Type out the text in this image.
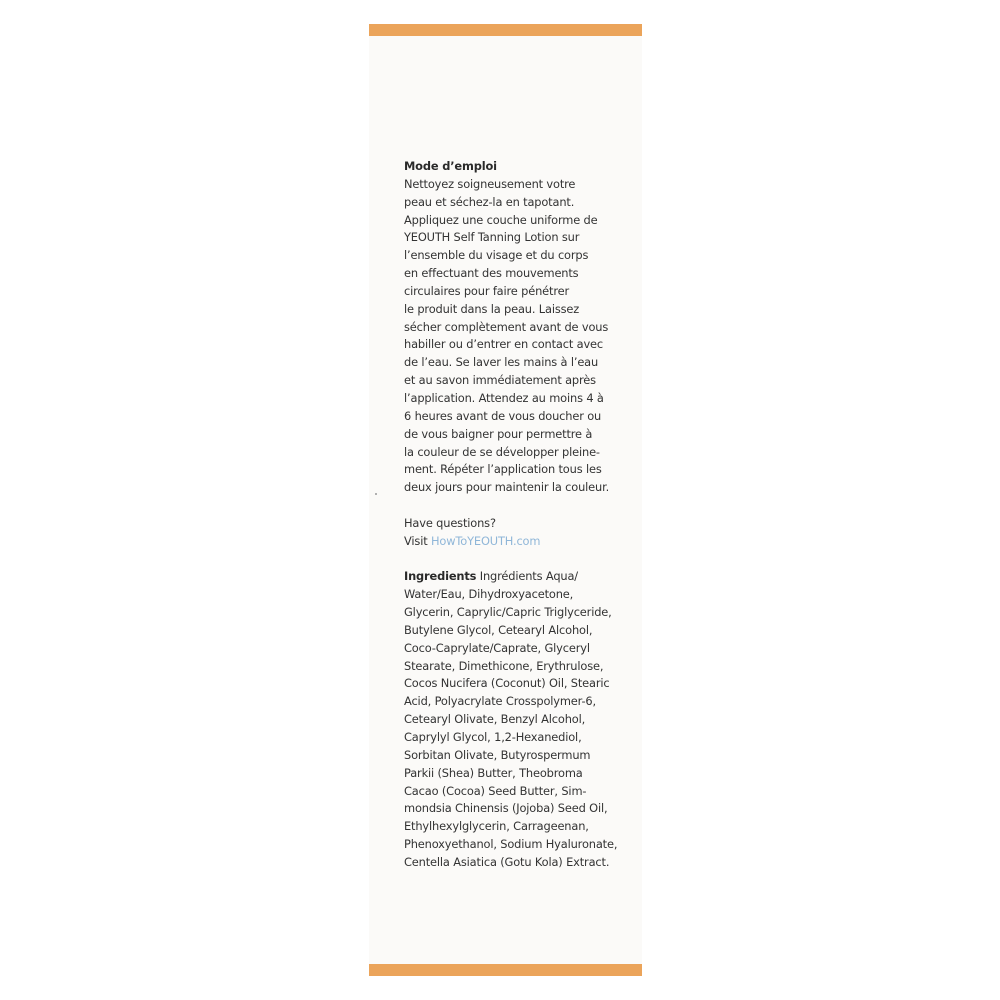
Mode d’emploi
Nettoyez soigneusement votre
peau et séchez-la en tapotant.
Appliquez une couche uniforme de
YEOUTH Self Tanning Lotion sur
l’ensemble du visage et du corps
en effectuant des mouvements
circulaires pour faire pénétrer
le produit dans la peau. Laissez
sécher complètement avant de vous
habiller ou d’entrer en contact avec
de l’eau. Se laver les mains à l’eau
et au savon immédiatement après
l’application. Attendez au moins 4 à
6 heures avant de vous doucher ou
de vous baigner pour permettre à
la couleur de se développer pleine-
ment. Répéter l’application tous les
deux jours pour maintenir la couleur.
Have questions?
Visit HowToYEOUTH.com
Ingredients Ingrédients Aqua/
Water/Eau, Dihydroxyacetone,
Glycerin, Caprylic/Capric Triglyceride,
Butylene Glycol, Cetearyl Alcohol,
Coco-Caprylate/Caprate, Glyceryl
Stearate, Dimethicone, Erythrulose,
Cocos Nucifera (Coconut) Oil, Stearic
Acid, Polyacrylate Crosspolymer-6,
Cetearyl Olivate, Benzyl Alcohol,
Caprylyl Glycol, 1,2-Hexanediol,
Sorbitan Olivate, Butyrospermum
Parkii (Shea) Butter, Theobroma
Cacao (Cocoa) Seed Butter, Sim-
mondsia Chinensis (Jojoba) Seed Oil,
Ethylhexylglycerin, Carrageenan,
Phenoxyethanol, Sodium Hyaluronate,
Centella Asiatica (Gotu Kola) Extract.
